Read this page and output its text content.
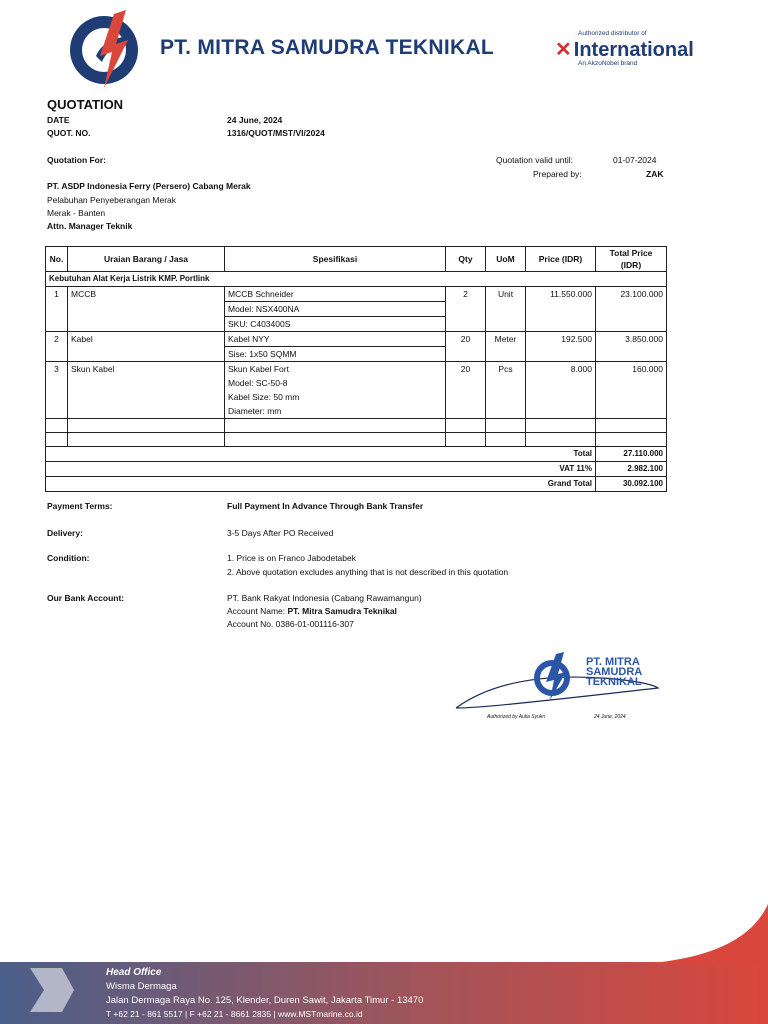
PT. MITRA SAMUDRA TEKNIKAL
Authorized distributor of
✕ International
An AkzoNobel brand
QUOTATION
DATE	24 June, 2024
QUOT. NO.	1316/QUOT/MST/VI/2024
Quotation For:	Quotation valid until:	01-07-2024
Prepared by:	ZAK
PT. ASDP Indonesia Ferry (Persero) Cabang Merak
Pelabuhan Penyeberangan Merak
Merak - Banten
Attn. Manager Teknik
No.	Uraian Barang / Jasa	Spesifikasi	Qty	UoM	Price (IDR)	Total Price
(IDR)
Kebutuhan Alat Kerja Listrik KMP. Portlink						
1	MCCB	MCCB Schneider
Model: NSX400NA
SKU: C403400S	2	Unit	11.550.000	23.100.000
2	Kabel	Kabel NYY
Sise: 1x50 SQMM	20	Meter	192.500	3.850.000
3	Skun Kabel	Skun Kabel Fort
Model: SC-50-8
Kabel Size: 50 mm
Diameter: mm	20	Pcs	8.000	160.000

Total						27.110.000
VAT 11%						2.982.100
Grand Total						30.092.100
Payment Terms:	Full Payment In Advance Through Bank Transfer
Delivery:	3-5 Days After PO Received
Condition:	1. Price is on Franco Jabodetabek
2. Above quotation excludes anything that is not described in this quotation
Our Bank Account:	PT. Bank Rakyat Indonesia (Cabang Rawamangun)
Account Name: PT. Mitra Samudra Teknikal
Account No. 0386-01-001116-307
PT. MITRA SAMUDRA TEKNIKAL
Authorized by Aulia Syukri	24 June, 2024
Head Office
Wisma Dermaga
Jalan Dermaga Raya No. 125, Klender, Duren Sawit, Jakarta Timur - 13470
T +62 21 - 861 5517 | F +62 21 - 8661 2835 | www.MSTmarine.co.id
